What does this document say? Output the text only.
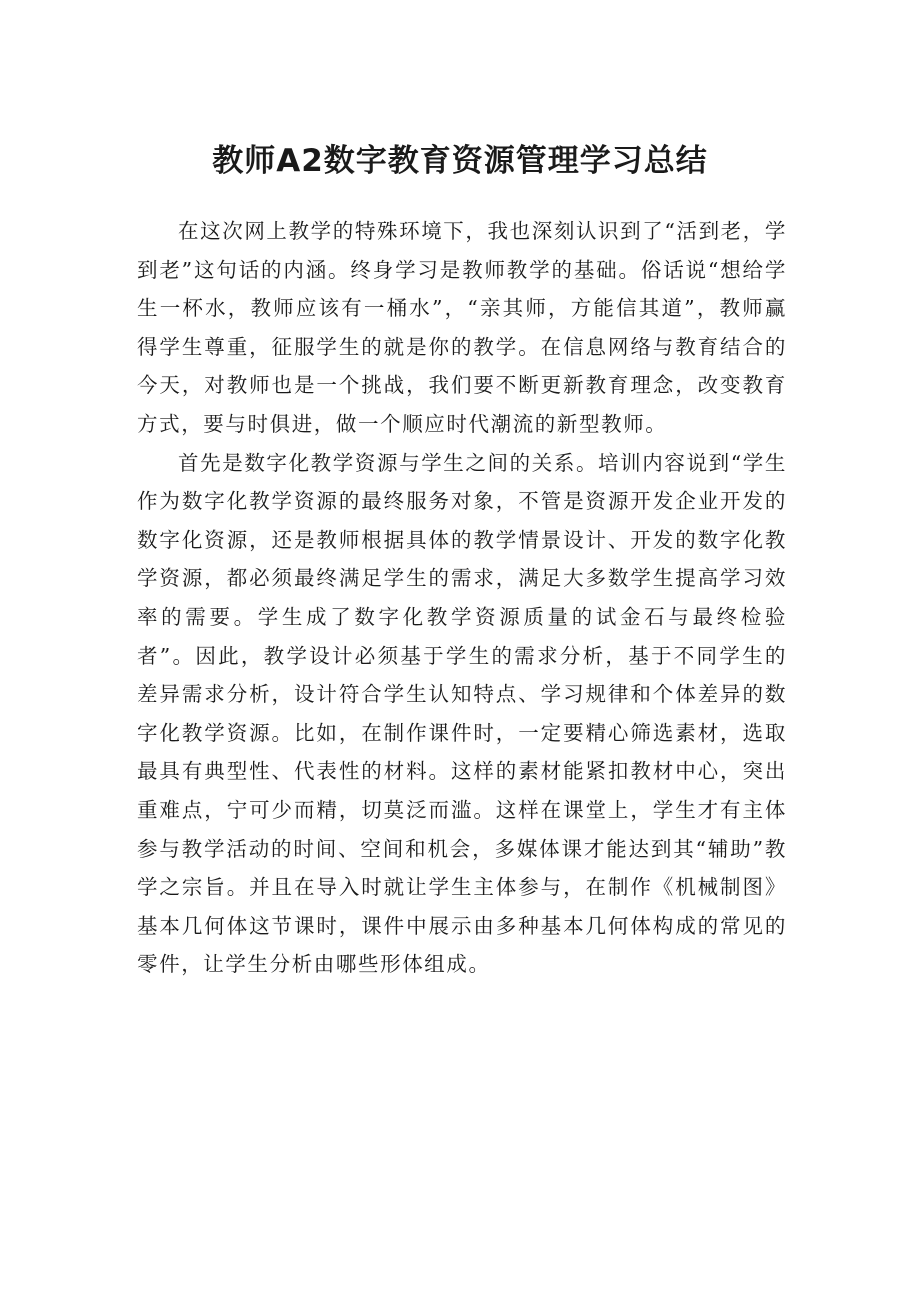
教师A2数字教育资源管理学习总结

在这次网上教学的特殊环境下，我也深刻认识到了“活到老，学到老”这句话的内涵。终身学习是教师教学的基础。俗话说“想给学生一杯水，教师应该有一桶水”，“亲其师，方能信其道”，教师赢得学生尊重，征服学生的就是你的教学。在信息网络与教育结合的今天，对教师也是一个挑战，我们要不断更新教育理念，改变教育方式，要与时俱进，做一个顺应时代潮流的新型教师。

首先是数字化教学资源与学生之间的关系。培训内容说到“学生作为数字化教学资源的最终服务对象，不管是资源开发企业开发的数字化资源，还是教师根据具体的教学情景设计、开发的数字化教学资源，都必须最终满足学生的需求，满足大多数学生提高学习效率的需要。学生成了数字化教学资源质量的试金石与最终检验者”。因此，教学设计必须基于学生的需求分析，基于不同学生的差异需求分析，设计符合学生认知特点、学习规律和个体差异的数字化教学资源。比如，在制作课件时，一定要精心筛选素材，选取最具有典型性、代表性的材料。这样的素材能紧扣教材中心，突出重难点，宁可少而精，切莫泛而滥。这样在课堂上，学生才有主体参与教学活动的时间、空间和机会，多媒体课才能达到其“辅助”教学之宗旨。并且在导入时就让学生主体参与，在制作《机械制图》基本几何体这节课时，课件中展示由多种基本几何体构成的常见的零件，让学生分析由哪些形体组成。
